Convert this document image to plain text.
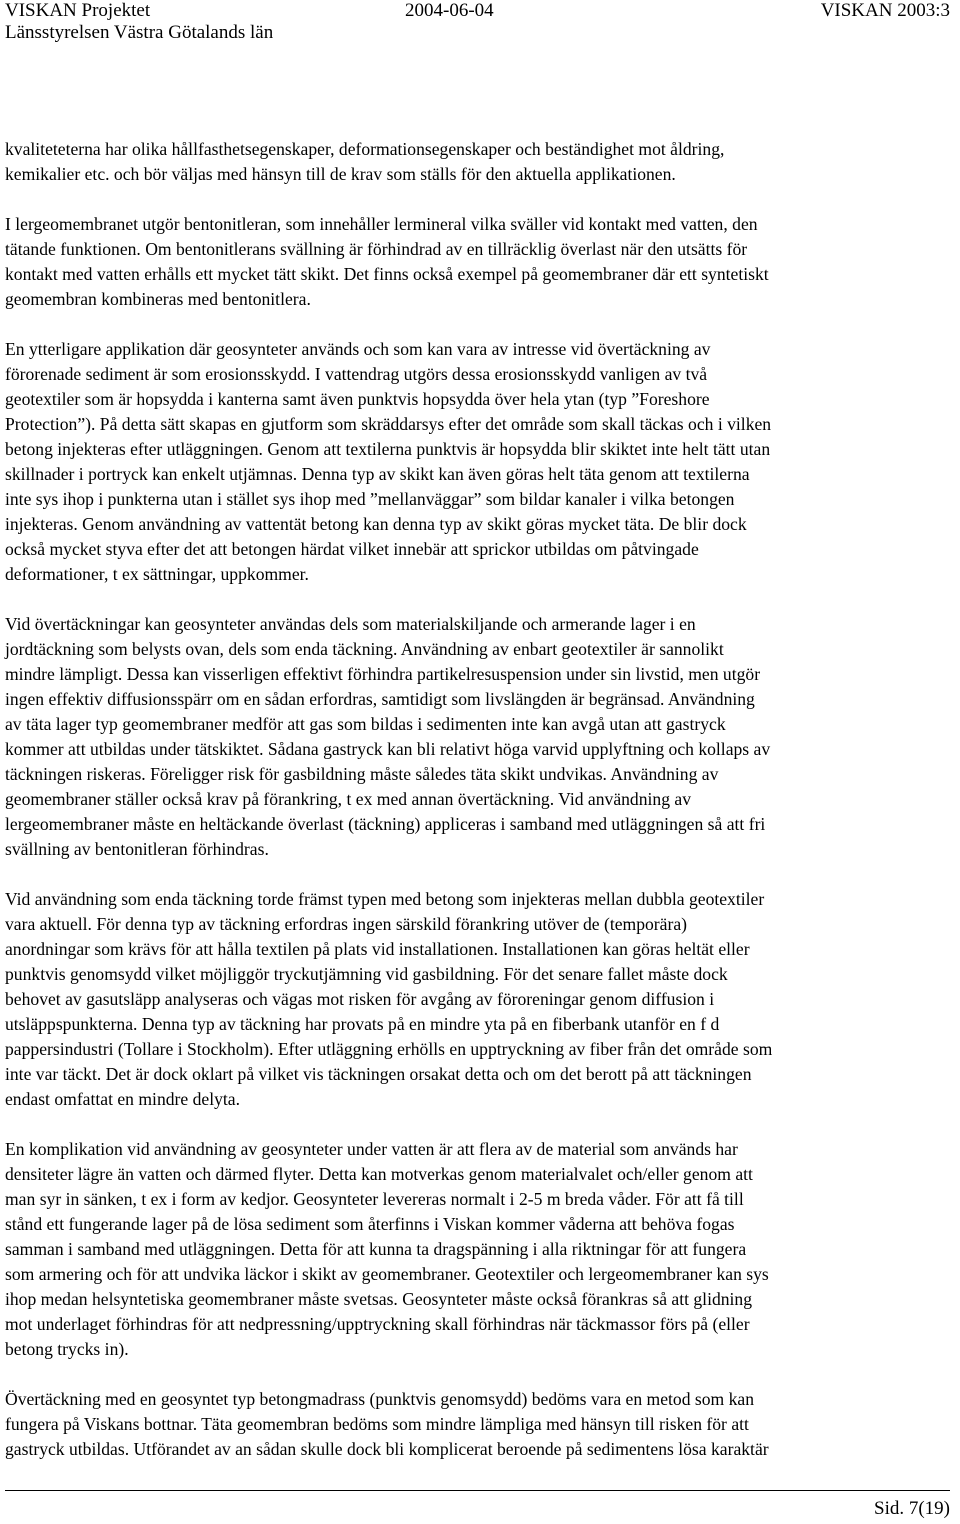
VISKAN Projektet	2004-06-04	VISKAN 2003:3
Länsstyrelsen Västra Götalands län

kvaliteteterna har olika hållfasthetsegenskaper, deformationsegenskaper och beständighet mot åldring,
kemikalier etc. och bör väljas med hänsyn till de krav som ställs för den aktuella applikationen.

I lergeomembranet utgör bentonitleran, som innehåller lermineral vilka sväller vid kontakt med vatten, den
tätande funktionen. Om bentonitlerans svällning är förhindrad av en tillräcklig överlast när den utsätts för
kontakt med vatten erhålls ett mycket tätt skikt. Det finns också exempel på geomembraner där ett syntetiskt
geomembran kombineras med bentonitlera.

En ytterligare applikation där geosynteter används och som kan vara av intresse vid övertäckning av
förorenade sediment är som erosionsskydd. I vattendrag utgörs dessa erosionsskydd vanligen av två
geotextiler som är hopsydda i kanterna samt även punktvis hopsydda över hela ytan (typ ”Foreshore
Protection”). På detta sätt skapas en gjutform som skräddarsys efter det område som skall täckas och i vilken
betong injekteras efter utläggningen. Genom att textilerna punktvis är hopsydda blir skiktet inte helt tätt utan
skillnader i portryck kan enkelt utjämnas. Denna typ av skikt kan även göras helt täta genom att textilerna
inte sys ihop i punkterna utan i stället sys ihop med ”mellanväggar” som bildar kanaler i vilka betongen
injekteras. Genom användning av vattentät betong kan denna typ av skikt göras mycket täta. De blir dock
också mycket styva efter det att betongen härdat vilket innebär att sprickor utbildas om påtvingade
deformationer, t ex sättningar, uppkommer.

Vid övertäckningar kan geosynteter användas dels som materialskiljande och armerande lager i en
jordtäckning som belysts ovan, dels som enda täckning. Användning av enbart geotextiler är sannolikt
mindre lämpligt. Dessa kan visserligen effektivt förhindra partikelresuspension under sin livstid, men utgör
ingen effektiv diffusionsspärr om en sådan erfordras, samtidigt som livslängden är begränsad. Användning
av täta lager typ geomembraner medför att gas som bildas i sedimenten inte kan avgå utan att gastryck
kommer att utbildas under tätskiktet. Sådana gastryck kan bli relativt höga varvid upplyftning och kollaps av
täckningen riskeras. Föreligger risk för gasbildning måste således täta skikt undvikas. Användning av
geomembraner ställer också krav på förankring, t ex med annan övertäckning. Vid användning av
lergeomembraner måste en heltäckande överlast (täckning) appliceras i samband med utläggningen så att fri
svällning av bentonitleran förhindras.

Vid användning som enda täckning torde främst typen med betong som injekteras mellan dubbla geotextiler
vara aktuell. För denna typ av täckning erfordras ingen särskild förankring utöver de (temporära)
anordningar som krävs för att hålla textilen på plats vid installationen. Installationen kan göras heltät eller
punktvis genomsydd vilket möjliggör tryckutjämning vid gasbildning. För det senare fallet måste dock
behovet av gasutsläpp analyseras och vägas mot risken för avgång av föroreningar genom diffusion i
utsläppspunkterna. Denna typ av täckning har provats på en mindre yta på en fiberbank utanför en f d
pappersindustri (Tollare i Stockholm). Efter utläggning erhölls en upptryckning av fiber från det område som
inte var täckt. Det är dock oklart på vilket vis täckningen orsakat detta och om det berott på att täckningen
endast omfattat en mindre delyta.

En komplikation vid användning av geosynteter under vatten är att flera av de material som används har
densiteter lägre än vatten och därmed flyter. Detta kan motverkas genom materialvalet och/eller genom att
man syr in sänken, t ex i form av kedjor. Geosynteter levereras normalt i 2-5 m breda våder. För att få till
stånd ett fungerande lager på de lösa sediment som återfinns i Viskan kommer våderna att behöva fogas
samman i samband med utläggningen. Detta för att kunna ta dragspänning i alla riktningar för att fungera
som armering och för att undvika läckor i skikt av geomembraner. Geotextiler och lergeomembraner kan sys
ihop medan helsyntetiska geomembraner måste svetsas. Geosynteter måste också förankras så att glidning
mot underlaget förhindras för att nedpressning/upptryckning skall förhindras när täckmassor förs på (eller
betong trycks in).

Övertäckning med en geosyntet typ betongmadrass (punktvis genomsydd) bedöms vara en metod som kan
fungera på Viskans bottnar. Täta geomembran bedöms som mindre lämpliga med hänsyn till risken för att
gastryck utbildas. Utförandet av an sådan skulle dock bli komplicerat beroende på sedimentens lösa karaktär

Sid. 7(19)
